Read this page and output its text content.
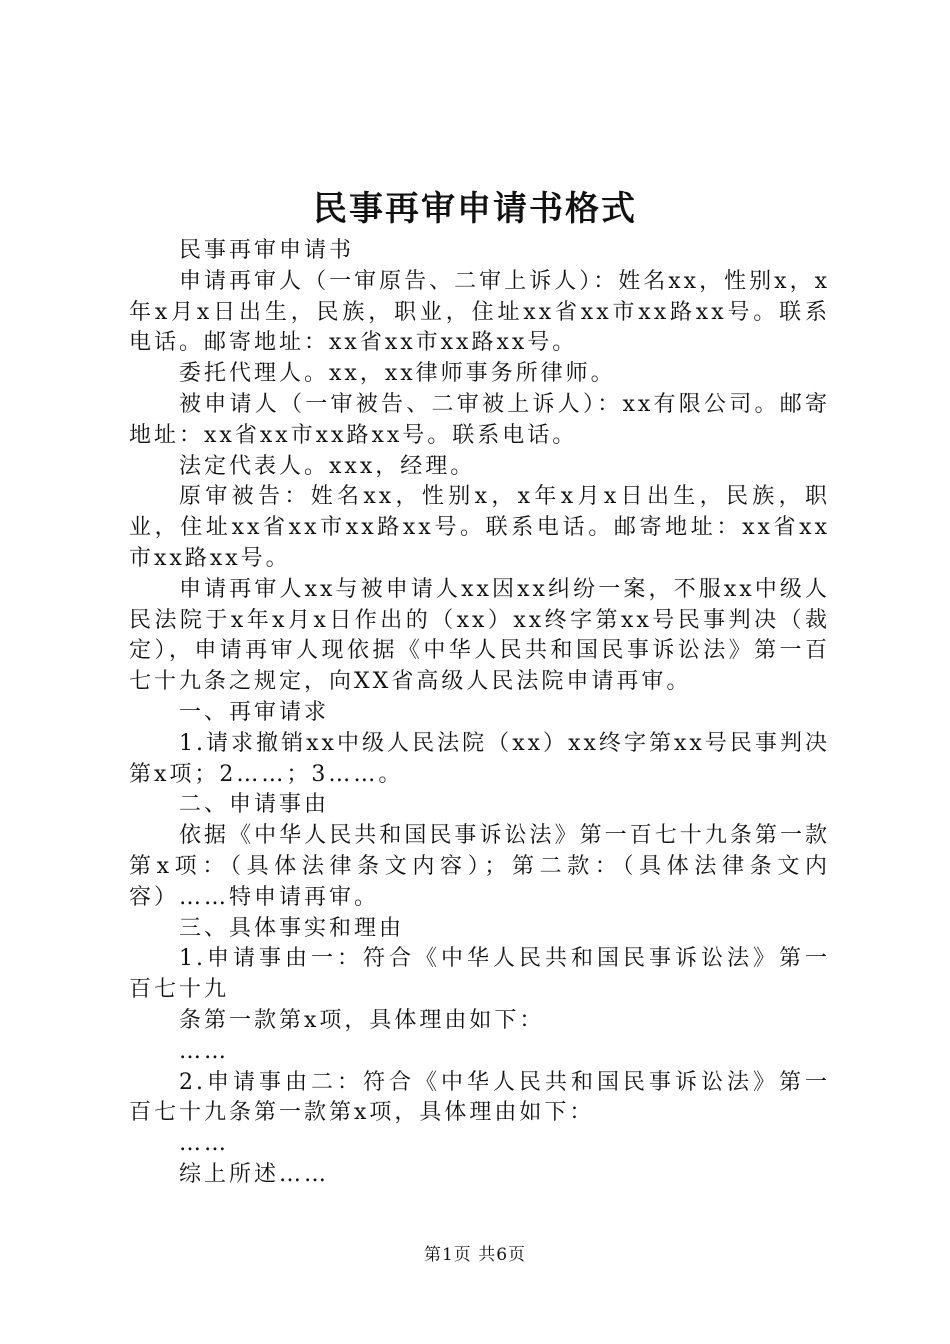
民事再审申请书格式

民事再审申请书

申请再审人（一审原告、二审上诉人）：姓名xx，性别x，x年x月x日出生，民族，职业，住址xx省xx市xx路xx号。联系电话。邮寄地址：xx省xx市xx路xx号。

委托代理人。xx，xx律师事务所律师。

被申请人（一审被告、二审被上诉人）：xx有限公司。邮寄地址：xx省xx市xx路xx号。联系电话。

法定代表人。xxx，经理。

原审被告：姓名xx，性别x，x年x月x日出生，民族，职业，住址xx省xx市xx路xx号。联系电话。邮寄地址：xx省xx市xx路xx号。

申请再审人xx与被申请人xx因xx纠纷一案，不服xx中级人民法院于x年x月x日作出的（xx）xx终字第xx号民事判决（裁定），申请再审人现依据《中华人民共和国民事诉讼法》第一百七十九条之规定，向XX省高级人民法院申请再审。

一、再审请求

1.请求撤销xx中级人民法院（xx）xx终字第xx号民事判决第x项；2……；3……。

二、申请事由

依据《中华人民共和国民事诉讼法》第一百七十九条第一款第x项：（具体法律条文内容）；第二款：（具体法律条文内容）……特申请再审。

三、具体事实和理由

1.申请事由一：符合《中华人民共和国民事诉讼法》第一百七十九

条第一款第x项，具体理由如下：

……

2.申请事由二：符合《中华人民共和国民事诉讼法》第一百七十九条第一款第x项，具体理由如下：

……

综上所述……

第1页 共6页
